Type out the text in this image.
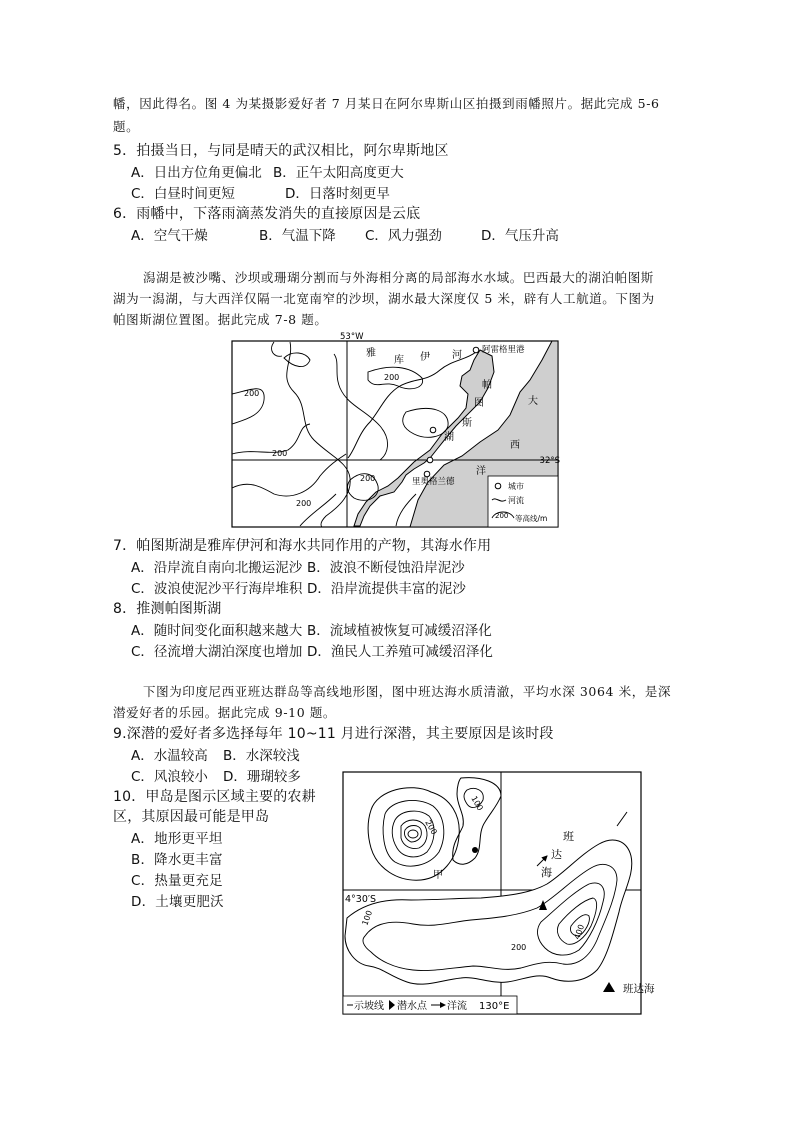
幡，因此得名。图 4 为某摄影爱好者 7 月某日在阿尔卑斯山区拍摄到雨幡照片。据此完成 5-6
题。
5．拍摄当日，与同是晴天的武汉相比，阿尔卑斯地区
A．日出方位角更偏北 B．正午太阳高度更大
C．白昼时间更短	D．日落时刻更早
6．雨幡中，下落雨滴蒸发消失的直接原因是云底
A．空气干燥	B．气温下降 C．风力强劲	D．气压升高
潟湖是被沙嘴、沙坝或珊瑚分割而与外海相分离的局部海水水域。巴西最大的湖泊帕图斯
湖为一潟湖，与大西洋仅隔一北宽南窄的沙坝，湖水最大深度仅 5 米，辟有人工航道。下图为
帕图斯湖位置图。据此完成 7-8 题。
53°W
32°S
雅
库 伊 河 阿雷格里港
帕
图
斯
湖
大
西
洋
里奥格兰德
200
200
200
200
200
城市
河流
200 等高线/m
7．帕图斯湖是雅库伊河和海水共同作用的产物，其海水作用
A．沿岸流自南向北搬运泥沙 B．波浪不断侵蚀沿岸泥沙
C．波浪使泥沙平行海岸堆积 D．沿岸流提供丰富的泥沙
8．推测帕图斯湖
A．随时间变化面积越来越大 B．流域植被恢复可减缓沼泽化
C．径流增大湖泊深度也增加 D．渔民人工养殖可减缓沼泽化
下图为印度尼西亚班达群岛等高线地形图，图中班达海水质清澈，平均水深 3064 米，是深
潜爱好者的乐园。据此完成 9-10 题。
9.深潜的爱好者多选择每年 10~11 月进行深潜，其主要原因是该时段
A．水温较高 B．水深较浅
C．风浪较小 D．珊瑚较多
10．甲岛是图示区域主要的农耕
区，其原因最可能是甲岛
A．地形更平坦
B．降水更丰富
C．热量更充足
D．土壤更肥沃
班
达
海
4°30′S
甲
200
100
100
200
400
班达海
示坡线 潜水点 洋流 130°E
